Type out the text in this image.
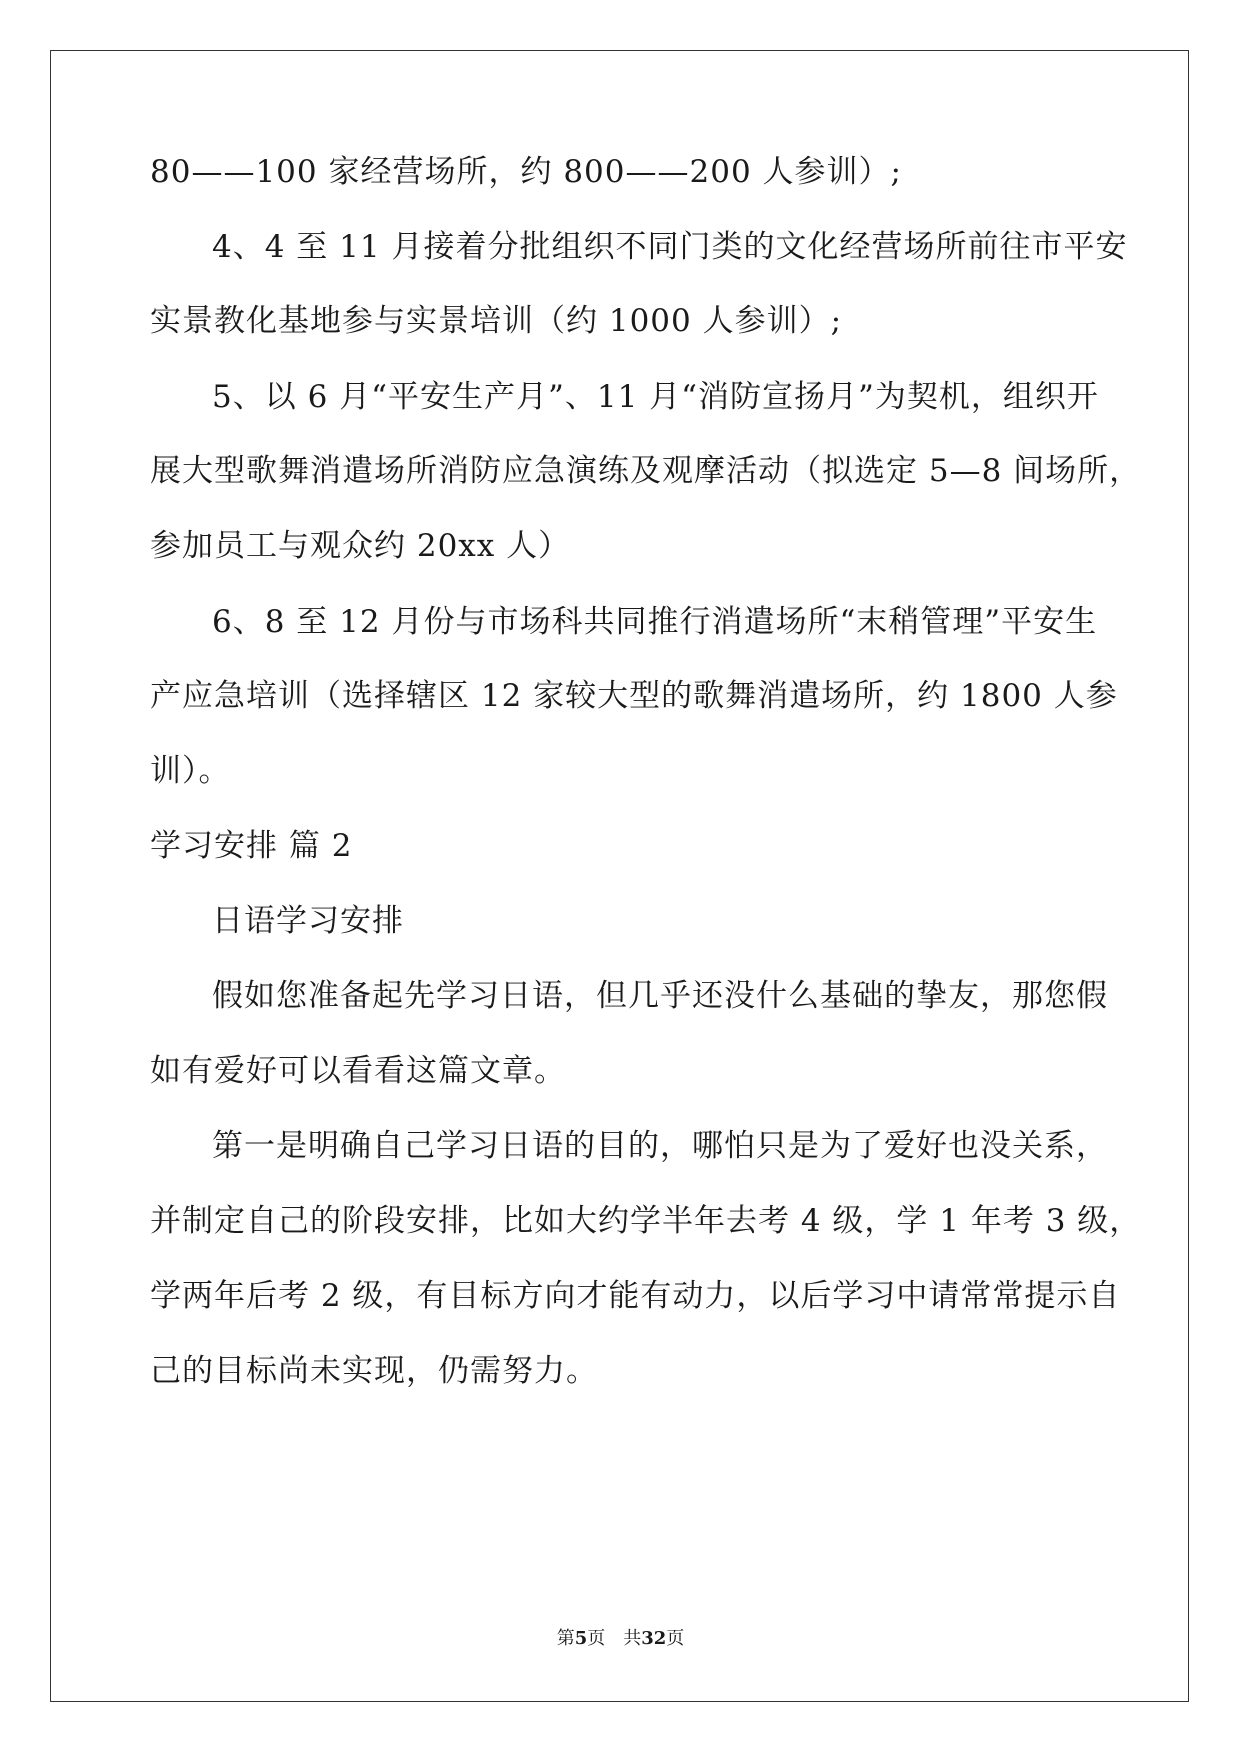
80——100 家经营场所，约 800——200 人参训）;
4、4 至 11 月接着分批组织不同门类的文化经营场所前往市平安
实景教化基地参与实景培训（约 1000 人参训）;
5、以 6 月“平安生产月”、11 月“消防宣扬月”为契机，组织开
展大型歌舞消遣场所消防应急演练及观摩活动（拟选定 5—8 间场所，
参加员工与观众约 20xx 人）
6、8 至 12 月份与市场科共同推行消遣场所“末稍管理”平安生
产应急培训（选择辖区 12 家较大型的歌舞消遣场所，约 1800 人参
训）。
学习安排 篇 2
日语学习安排
假如您准备起先学习日语，但几乎还没什么基础的挚友，那您假
如有爱好可以看看这篇文章。
第一是明确自己学习日语的目的，哪怕只是为了爱好也没关系，
并制定自己的阶段安排，比如大约学半年去考 4 级，学 1 年考 3 级，
学两年后考 2 级，有目标方向才能有动力，以后学习中请常常提示自
己的目标尚未实现，仍需努力。
第5页　共32页
